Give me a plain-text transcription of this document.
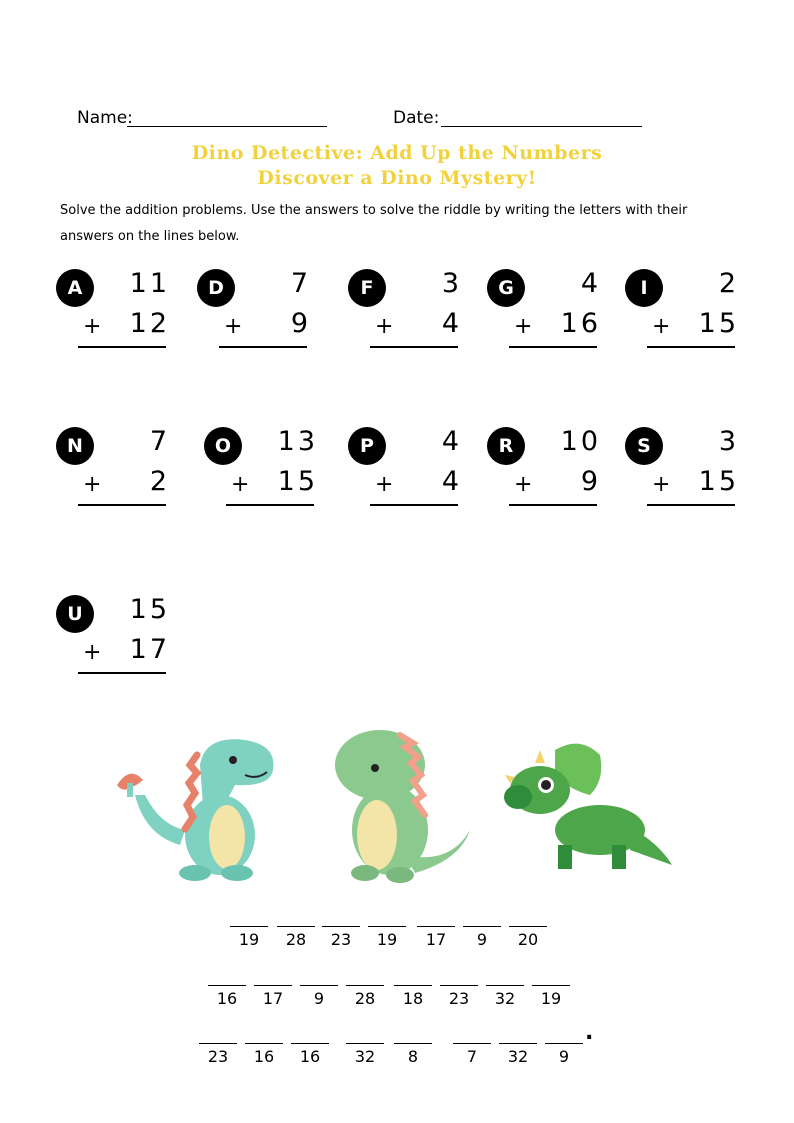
Name:	Date:
Dino Detective: Add Up the Numbers
Discover a Dino Mystery!
Solve the addition problems. Use the answers to solve the riddle by writing the letters with their answers on the lines below.
A	11
+	12
D	7
+	9
F	3
+	4
G	4
+	16
I	2
+	15
N	7
+	2
O	13
+	15
P	4
+	4
R	10
+	9
S	3
+	15
U	15
+	17
19	28	23	19	17	9	20
16	17	9	28	18	23	32	19
23	16	16	32	8	7	32	9
.
